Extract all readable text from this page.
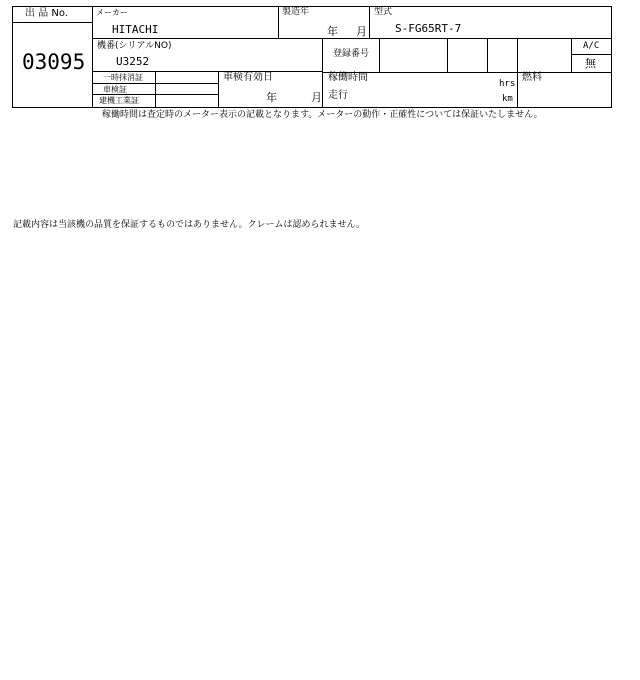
出 品 No.
03095
メーカー
HITACHI
製造年
年 月
型式
S-FG65RT-7
機番(シリアルNO)
U3252
登録番号
A/C
無
一時抹消証
車検証
建機工業証
車検有効日
年	月
稼働時間
hrs
走行	km
燃料
稼働時間は査定時のメーター表示の記載となります。メーターの動作・正確性については保証いたしません。
記載内容は当該機の品質を保証するものではありません。クレームは認められません。
